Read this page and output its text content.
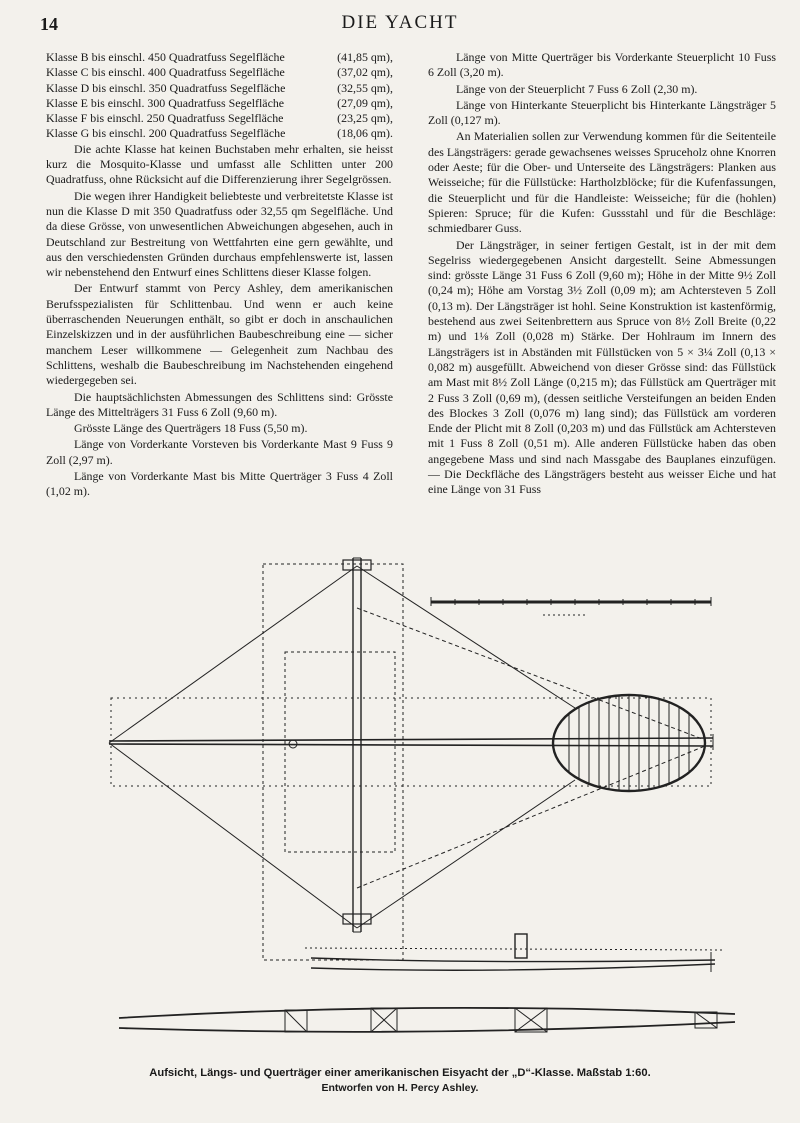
14	DIE YACHT
Klasse B bis einschl. 450 Quadratfuss Segelfläche	(41,85 qm),
Klasse C bis einschl. 400 Quadratfuss Segelfläche	(37,02 qm),
Klasse D bis einschl. 350 Quadratfuss Segelfläche	(32,55 qm),
Klasse E bis einschl. 300 Quadratfuss Segelfläche	(27,09 qm),
Klasse F bis einschl. 250 Quadratfuss Segelfläche	(23,25 qm),
Klasse G bis einschl. 200 Quadratfuss Segelfläche	(18,06 qm).

Die achte Klasse hat keinen Buchstaben mehr erhalten, sie heisst kurz die Mosquito-Klasse und umfasst alle Schlitten unter 200 Quadratfuss, ohne Rücksicht auf die Differenzierung ihrer Segelgrössen.

Die wegen ihrer Handigkeit beliebteste und verbreitetste Klasse ist nun die Klasse D mit 350 Quadratfuss oder 32,55 qm Segelfläche. Und da diese Grösse, von unwesentlichen Abweichungen abgesehen, auch in Deutschland zur Bestreitung von Wettfahrten eine gern gewählte, und aus den verschiedensten Gründen durchaus empfehlenswerte ist, lassen wir nebenstehend den Entwurf eines Schlittens dieser Klasse folgen.

Der Entwurf stammt von Percy Ashley, dem amerikanischen Berufsspezialisten für Schlittenbau. Und wenn er auch keine überraschenden Neuerungen enthält, so gibt er doch in anschaulichen Einzelskizzen und in der ausführlichen Baubeschreibung eine — sicher manchem Leser willkommene — Gelegenheit zum Nachbau des Schlittens, weshalb die Baubeschreibung im Nachstehenden eingehend wiedergegeben sei.

Die hauptsächlichsten Abmessungen des Schlittens sind: Grösste Länge des Mittelträgers 31 Fuss 6 Zoll (9,60 m).

Grösste Länge des Querträgers 18 Fuss (5,50 m).

Länge von Vorderkante Vorsteven bis Vorderkante Mast 9 Fuss 9 Zoll (2,97 m).

Länge von Vorderkante Mast bis Mitte Querträger 3 Fuss 4 Zoll (1,02 m).

Länge von Mitte Querträger bis Vorderkante Steuerplicht 10 Fuss 6 Zoll (3,20 m).

Länge von der Steuerplicht 7 Fuss 6 Zoll (2,30 m).

Länge von Hinterkante Steuerplicht bis Hinterkante Längsträger 5 Zoll (0,127 m).

An Materialien sollen zur Verwendung kommen für die Seitenteile des Längsträgers: gerade gewachsenes weisses Spruceholz ohne Knorren oder Aeste; für die Ober- und Unterseite des Längsträgers: Planken aus Weisseiche; für die Füllstücke: Hartholzblöcke; für die Kufenfassungen, die Steuerplicht und für die Handleiste: Weisseiche; für die (hohlen) Spieren: Spruce; für die Kufen: Gussstahl und für die Beschläge: schmiedbarer Guss.

Der Längsträger, in seiner fertigen Gestalt, ist in der mit dem Segelriss wiedergegebenen Ansicht dargestellt. Seine Abmessungen sind: grösste Länge 31 Fuss 6 Zoll (9,60 m); Höhe in der Mitte 9½ Zoll (0,24 m); Höhe am Vorstag 3½ Zoll (0,09 m); am Achtersteven 5 Zoll (0,13 m). Der Längsträger ist hohl. Seine Konstruktion ist kastenförmig, bestehend aus zwei Seitenbrettern aus Spruce von 8½ Zoll Breite (0,22 m) und 1⅛ Zoll (0,028 m) Stärke. Der Hohlraum im Innern des Längsträgers ist in Abständen mit Füllstücken von 5 × 3¼ Zoll (0,13 × 0,082 m) ausgefüllt. Abweichend von dieser Grösse sind: das Füllstück am Mast mit 8½ Zoll Länge (0,215 m); das Füllstück am Querträger mit 2 Fuss 3 Zoll (0,69 m), (dessen seitliche Versteifungen an beiden Enden des Blockes 3 Zoll (0,076 m) lang sind); das Füllstück am vorderen Ende der Plicht mit 8 Zoll (0,203 m) und das Füllstück am Achtersteven mit 1 Fuss 8 Zoll (0,51 m). Alle anderen Füllstücke haben das oben angegebene Mass und sind nach Massgabe des Bauplanes einzufügen. — Die Deckfläche des Längsträgers besteht aus weisser Eiche und hat eine Länge von 31 Fuss

Aufsicht, Längs- und Querträger einer amerikanischen Eisyacht der „D“-Klasse. Maßstab 1:60.
Entworfen von H. Percy Ashley.
